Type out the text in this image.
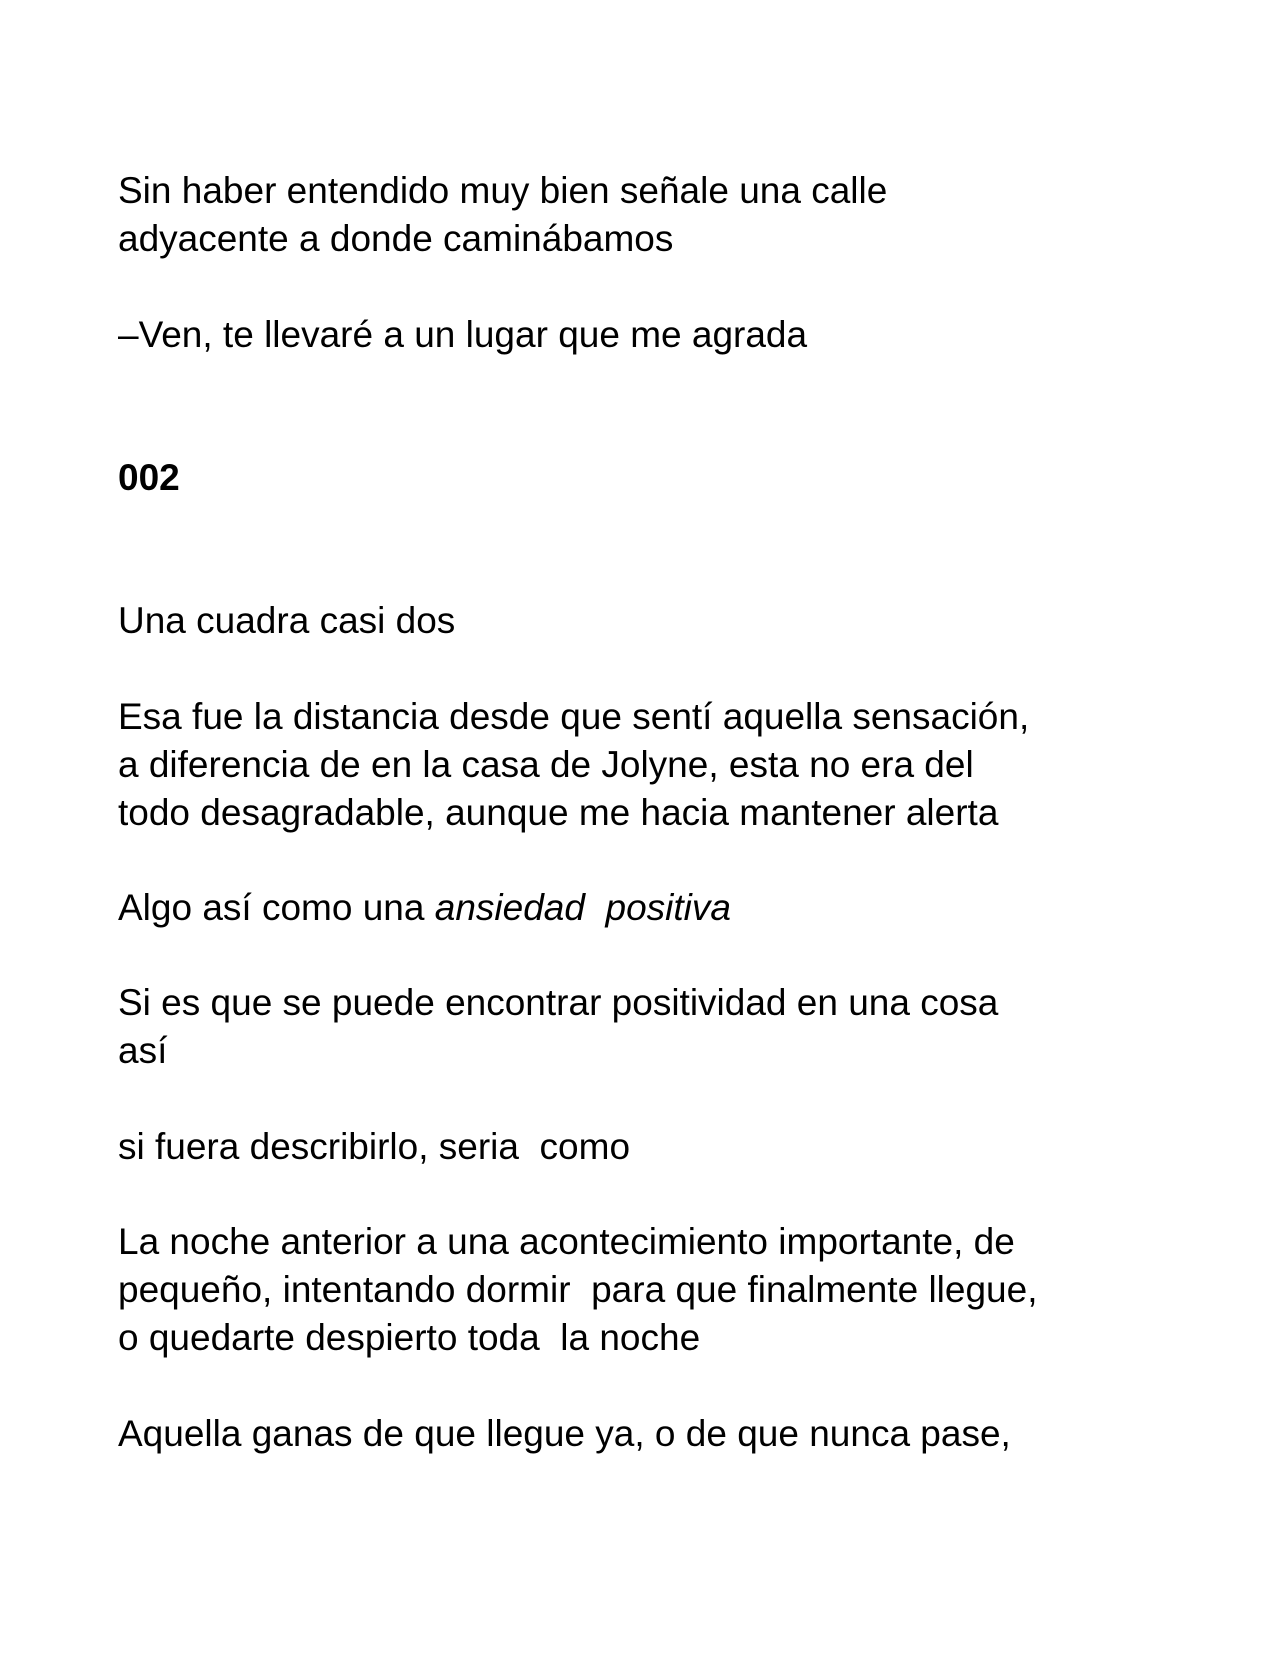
Sin haber entendido muy bien señale una calle
adyacente a donde caminábamos
–Ven, te llevaré a un lugar que me agrada
002
Una cuadra casi dos
Esa fue la distancia desde que sentí aquella sensación,
a diferencia de en la casa de Jolyne, esta no era del
todo desagradable, aunque me hacia mantener alerta
Algo así como una ansiedad  positiva
Si es que se puede encontrar positividad en una cosa
así
si fuera describirlo, seria  como
La noche anterior a una acontecimiento importante, de
pequeño, intentando dormir  para que finalmente llegue,
o quedarte despierto toda  la noche
Aquella ganas de que llegue ya, o de que nunca pase,
